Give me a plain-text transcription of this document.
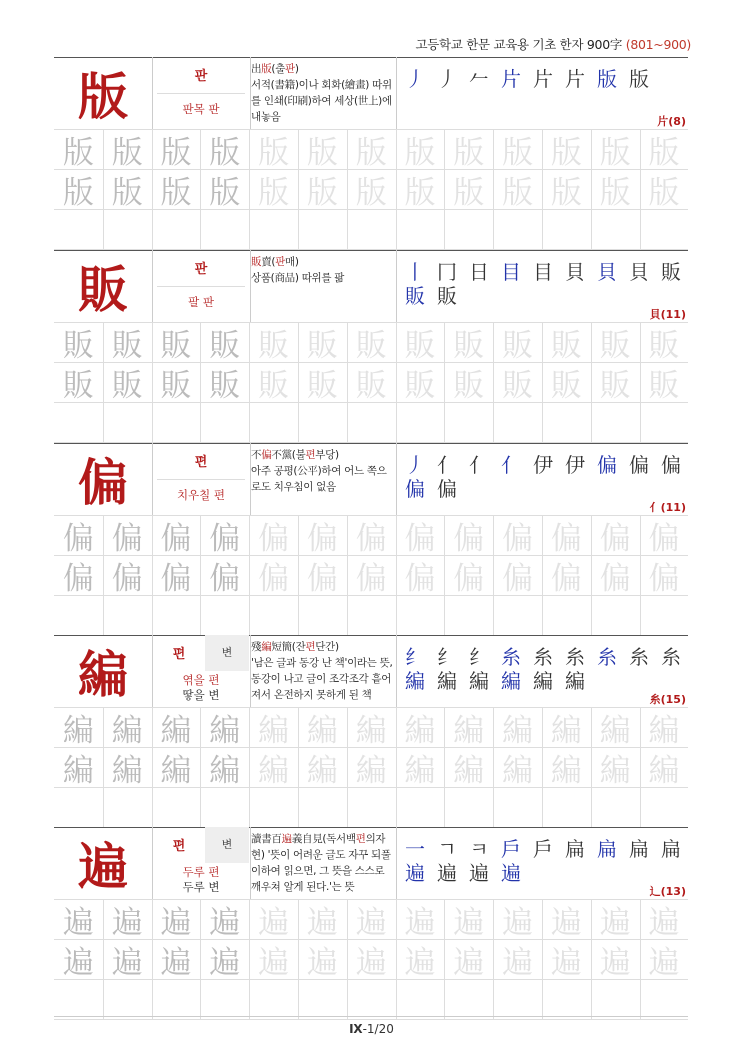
고등학교 한문 교육용 기초 한자 900字 (801~900)
版	판
판목 판
出版(출판)
서적(書籍)이나 회화(繪畫) 따위를 인쇄(印刷)하여 세상(世上)에 내놓음
丿 丿 𠂉 片 片 片 版 版
片(8)
版 版 版 版 版 版 版 版 版 版 版 版 版
版 版 版 版 版 版 版 版 版 版 版 版 版
販	판
팔 판
販賣(판매)
상품(商品) 따위를 팖	丨 冂 日 目 目 貝 貝 貝 販
販 販
貝(11)
販 販 販 販 販 販 販 販 販 販 販 販 販
販 販 販 販 販 販 販 販 販 販 販 販 販
偏	편
치우칠 편
不偏不黨(불편부당)
아주 공평(公平)하여 어느 쪽으로도 치우침이 없음
丿 亻 亻 亻 伊 伊 偏 偏 偏
偏 偏
亻(11)
偏 偏 偏 偏 偏 偏 偏 偏 偏 偏 偏 偏 偏
偏 偏 偏 偏 偏 偏 偏 偏 偏 偏 偏 偏 偏
編	편	변
엮을 편
땋을 변
殘編短簡(잔편단간)
'남은 글과 동강 난 책'이라는 뜻, 동강이 나고 글이 조각조각 흩어져서 온전하지 못하게 된 책
纟 纟 纟 糸 糸 糸 糸 糸 糸
編 編 編 編 編 編
糸(15)
編 編 編 編 編 編 編 編 編 編 編 編 編
編 編 編 編 編 編 編 編 編 編 編 編 編
遍	편	변
두루 편
두루 변
讀書百遍義自見(독서백편의자현) '뜻이 어려운 글도 자꾸 되풀이하여 읽으면, 그 뜻을 스스로 깨우쳐 알게 된다.'는 뜻
一 ㄱ ㅋ 戶 戶 扁 扁 扁 扁
遍 遍 遍 遍
辶(13)
遍 遍 遍 遍 遍 遍 遍 遍 遍 遍 遍 遍 遍
遍 遍 遍 遍 遍 遍 遍 遍 遍 遍 遍 遍 遍
Ⅸ-1/20
